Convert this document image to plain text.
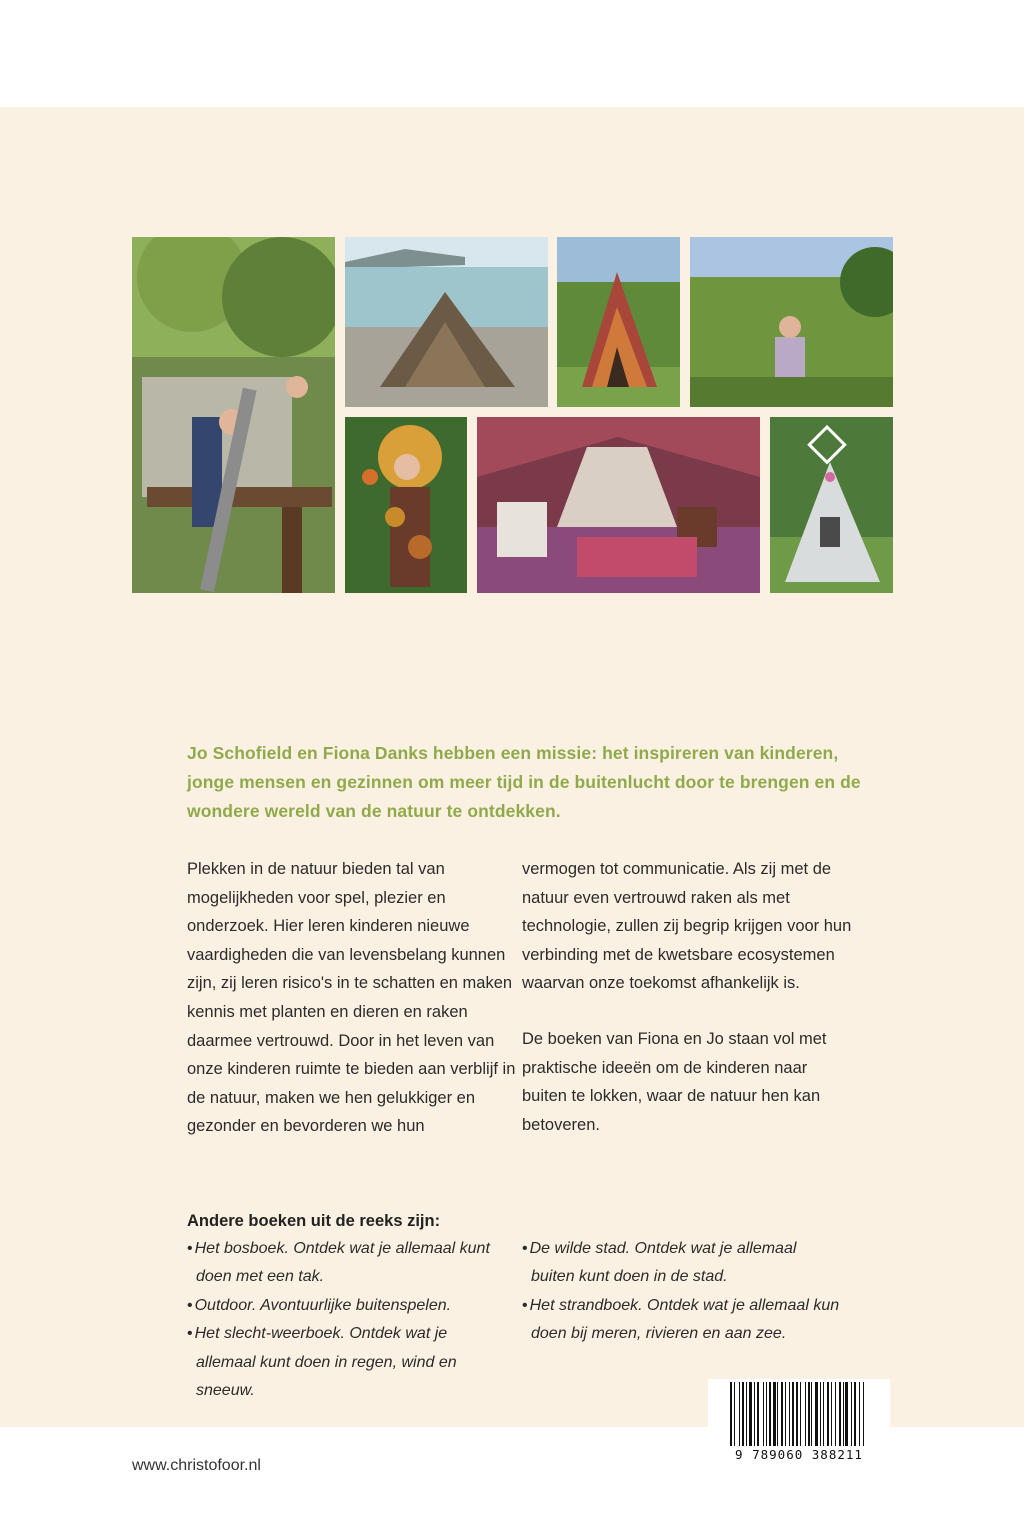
Jo Schofield en Fiona Danks hebben een missie: het inspireren van kinderen, jonge mensen en gezinnen om meer tijd in de buitenlucht door te brengen en de wondere wereld van de natuur te ontdekken.

Plekken in de natuur bieden tal van mogelijkheden voor spel, plezier en onderzoek. Hier leren kinderen nieuwe vaardigheden die van levensbelang kunnen zijn, zij leren risico's in te schatten en maken kennis met planten en dieren en raken daarmee vertrouwd. Door in het leven van onze kinderen ruimte te bieden aan verblijf in de natuur, maken we hen gelukkiger en gezonder en bevorderen we hun

vermogen tot communicatie. Als zij met de natuur even vertrouwd raken als met technologie, zullen zij begrip krijgen voor hun verbinding met de kwetsbare ecosystemen waarvan onze toekomst afhankelijk is.

De boeken van Fiona en Jo staan vol met praktische ideeën om de kinderen naar buiten te lokken, waar de natuur hen kan betoveren.

Andere boeken uit de reeks zijn:
• Het bosboek. Ontdek wat je allemaal kunt doen met een tak.
• Outdoor. Avontuurlijke buitenspelen.
• Het slecht-weerboek. Ontdek wat je allemaal kunt doen in regen, wind en sneeuw.
• De wilde stad. Ontdek wat je allemaal buiten kunt doen in de stad.
• Het strandboek. Ontdek wat je allemaal kun doen bij meren, rivieren en aan zee.
www.christofoor.nl
9 789060 388211
